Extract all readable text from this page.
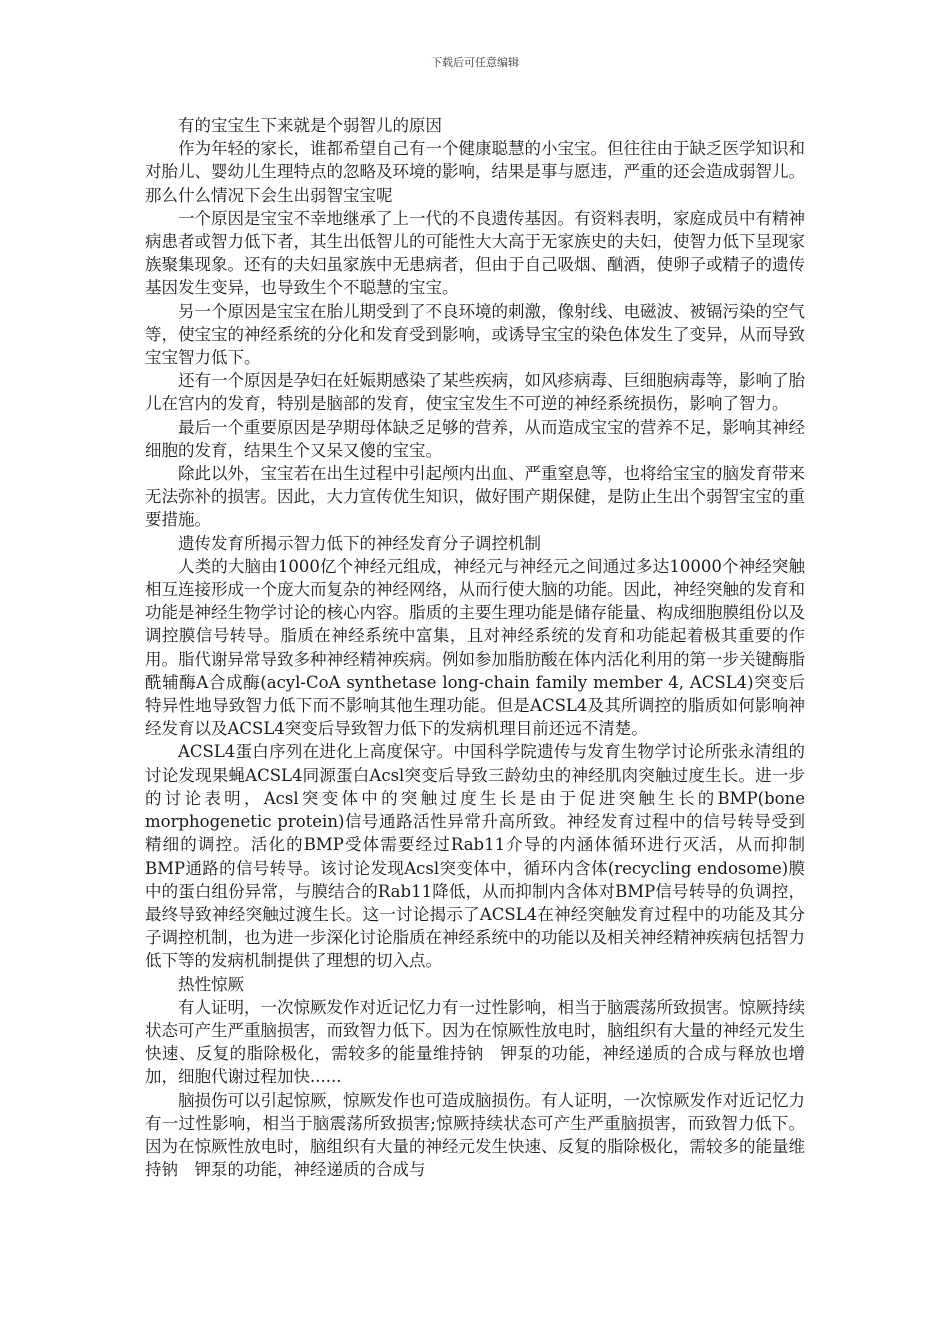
下载后可任意编辑

有的宝宝生下来就是个弱智儿的原因

作为年轻的家长，谁都希望自己有一个健康聪慧的小宝宝。但往往由于缺乏医学知识和对胎儿、婴幼儿生理特点的忽略及环境的影响，结果是事与愿违，严重的还会造成弱智儿。那么什么情况下会生出弱智宝宝呢

一个原因是宝宝不幸地继承了上一代的不良遗传基因。有资料表明，家庭成员中有精神病患者或智力低下者，其生出低智儿的可能性大大高于无家族史的夫妇，使智力低下呈现家族聚集现象。还有的夫妇虽家族中无患病者，但由于自己吸烟、酗酒，使卵子或精子的遗传基因发生变异，也导致生个不聪慧的宝宝。

另一个原因是宝宝在胎儿期受到了不良环境的刺激，像射线、电磁波、被镉污染的空气等，使宝宝的神经系统的分化和发育受到影响，或诱导宝宝的染色体发生了变异，从而导致宝宝智力低下。

还有一个原因是孕妇在妊娠期感染了某些疾病，如风疹病毒、巨细胞病毒等，影响了胎儿在宫内的发育，特别是脑部的发育，使宝宝发生不可逆的神经系统损伤，影响了智力。

最后一个重要原因是孕期母体缺乏足够的营养，从而造成宝宝的营养不足，影响其神经细胞的发育，结果生个又呆又傻的宝宝。

除此以外，宝宝若在出生过程中引起颅内出血、严重窒息等，也将给宝宝的脑发育带来无法弥补的损害。因此，大力宣传优生知识，做好围产期保健，是防止生出个弱智宝宝的重要措施。

遗传发育所揭示智力低下的神经发育分子调控机制

人类的大脑由1000亿个神经元组成，神经元与神经元之间通过多达10000个神经突触相互连接形成一个庞大而复杂的神经网络，从而行使大脑的功能。因此，神经突触的发育和功能是神经生物学讨论的核心内容。脂质的主要生理功能是储存能量、构成细胞膜组份以及调控膜信号转导。脂质在神经系统中富集，且对神经系统的发育和功能起着极其重要的作用。脂代谢异常导致多种神经精神疾病。例如参加脂肪酸在体内活化利用的第一步关键酶脂酰辅酶A合成酶(acyl-CoA synthetase long-chain family member 4, ACSL4)突变后特异性地导致智力低下而不影响其他生理功能。但是ACSL4及其所调控的脂质如何影响神经发育以及ACSL4突变后导致智力低下的发病机理目前还远不清楚。

ACSL4蛋白序列在进化上高度保守。中国科学院遗传与发育生物学讨论所张永清组的讨论发现果蝇ACSL4同源蛋白Acsl突变后导致三龄幼虫的神经肌肉突触过度生长。进一步的讨论表明，Acsl突变体中的突触过度生长是由于促进突触生长的BMP(bone morphogenetic protein)信号通路活性异常升高所致。神经发育过程中的信号转导受到精细的调控。活化的BMP受体需要经过Rab11介导的内涵体循环进行灭活，从而抑制BMP通路的信号转导。该讨论发现Acsl突变体中，循环内含体(recycling endosome)膜中的蛋白组份异常，与膜结合的Rab11降低，从而抑制内含体对BMP信号转导的负调控，最终导致神经突触过渡生长。这一讨论揭示了ACSL4在神经突触发育过程中的功能及其分子调控机制，也为进一步深化讨论脂质在神经系统中的功能以及相关神经精神疾病包括智力低下等的发病机制提供了理想的切入点。

热性惊厥

有人证明，一次惊厥发作对近记忆力有一过性影响，相当于脑震荡所致损害。惊厥持续状态可产生严重脑损害，而致智力低下。因为在惊厥性放电时，脑组织有大量的神经元发生快速、反复的脂除极化，需较多的能量维持钠　钾泵的功能，神经递质的合成与释放也增加，细胞代谢过程加快......

脑损伤可以引起惊厥，惊厥发作也可造成脑损伤。有人证明，一次惊厥发作对近记忆力有一过性影响，相当于脑震荡所致损害;惊厥持续状态可产生严重脑损害，而致智力低下。因为在惊厥性放电时，脑组织有大量的神经元发生快速、反复的脂除极化，需较多的能量维持钠　钾泵的功能，神经递质的合成与
